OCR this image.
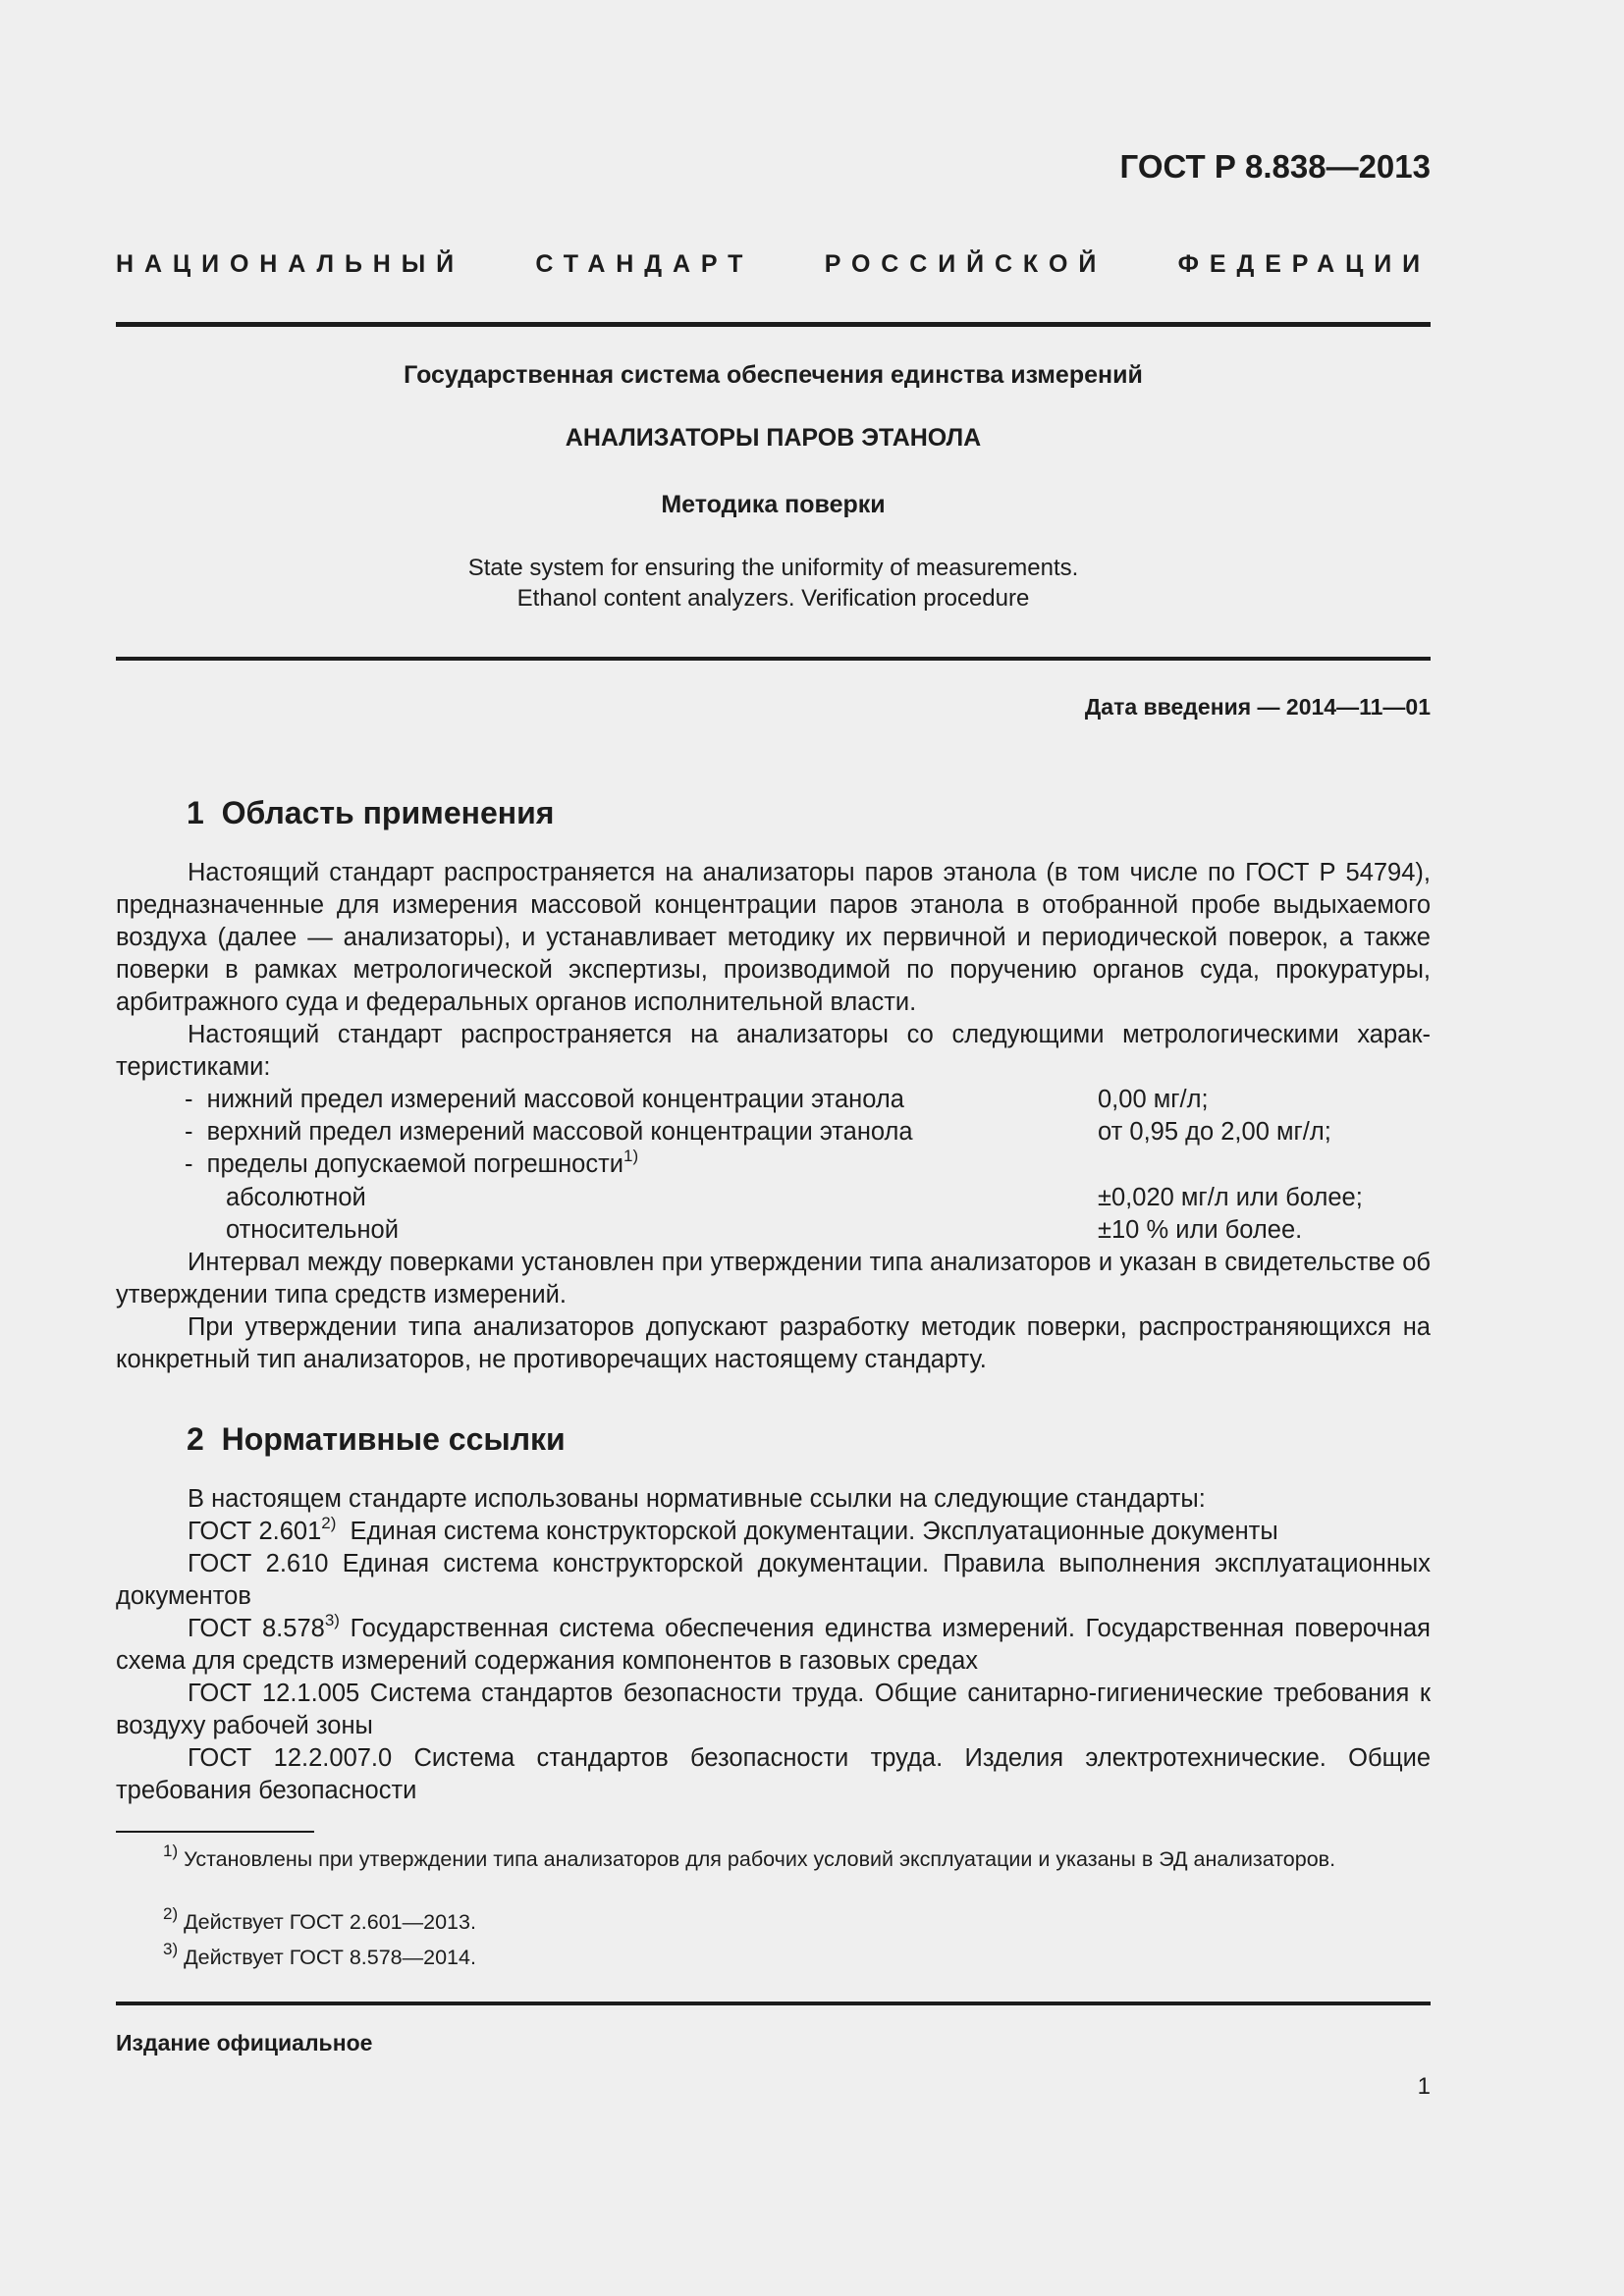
ГОСТ Р 8.838—2013
НАЦИОНАЛЬНЫЙ СТАНДАРТ РОССИЙСКОЙ ФЕДЕРАЦИИ
Государственная система обеспечения единства измерений
АНАЛИЗАТОРЫ ПАРОВ ЭТАНОЛА
Методика поверки
State system for ensuring the uniformity of measurements.
Ethanol content analyzers. Verification procedure
Дата введения — 2014—11—01
1  Область применения
Настоящий стандарт распространяется на анализаторы паров этанола (в том числе по ГОСТ Р 54794), предназначенные для измерения массовой концентрации паров этанола в отобранной пробе выдыхаемого воздуха (далее — анализаторы), и устанавливает методику их первичной и периодической поверок, а также поверки в рамках метрологической экспертизы, производимой по поручению органов суда, прокуратуры, арбитражного суда и федеральных органов исполнительной власти.
Настоящий стандарт распространяется на анализаторы со следующими метрологическими характеристиками:
-  нижний предел измерений массовой концентрации этанола	0,00 мг/л;
-  верхний предел измерений массовой концентрации этанола	от 0,95 до 2,00 мг/л;
-  пределы допускаемой погрешности$^{1)}$
абсолютной	±0,020 мг/л или более;
относительной	±10 % или более.
Интервал между поверками установлен при утверждении типа анализаторов и указан в свидетельстве об утверждении типа средств измерений.
При утверждении типа анализаторов допускают разработку методик поверки, распространяющихся на конкретный тип анализаторов, не противоречащих настоящему стандарту.
2  Нормативные ссылки
В настоящем стандарте использованы нормативные ссылки на следующие стандарты:
ГОСТ 2.601$^{2)}$  Единая система конструкторской документации. Эксплуатационные документы
ГОСТ 2.610 Единая система конструкторской документации. Правила выполнения эксплуатационных документов
ГОСТ 8.578$^{3)}$ Государственная система обеспечения единства измерений. Государственная поверочная схема для средств измерений содержания компонентов в газовых средах
ГОСТ 12.1.005 Система стандартов безопасности труда. Общие санитарно-гигиенические требования к воздуху рабочей зоны
ГОСТ 12.2.007.0 Система стандартов безопасности труда. Изделия электротехнические. Общие требования безопасности
$^{1)}$ Установлены при утверждении типа анализаторов для рабочих условий эксплуатации и указаны в ЭД анализаторов.
$^{2)}$ Действует ГОСТ 2.601—2013.
$^{3)}$ Действует ГОСТ 8.578—2014.
Издание официальное
1
